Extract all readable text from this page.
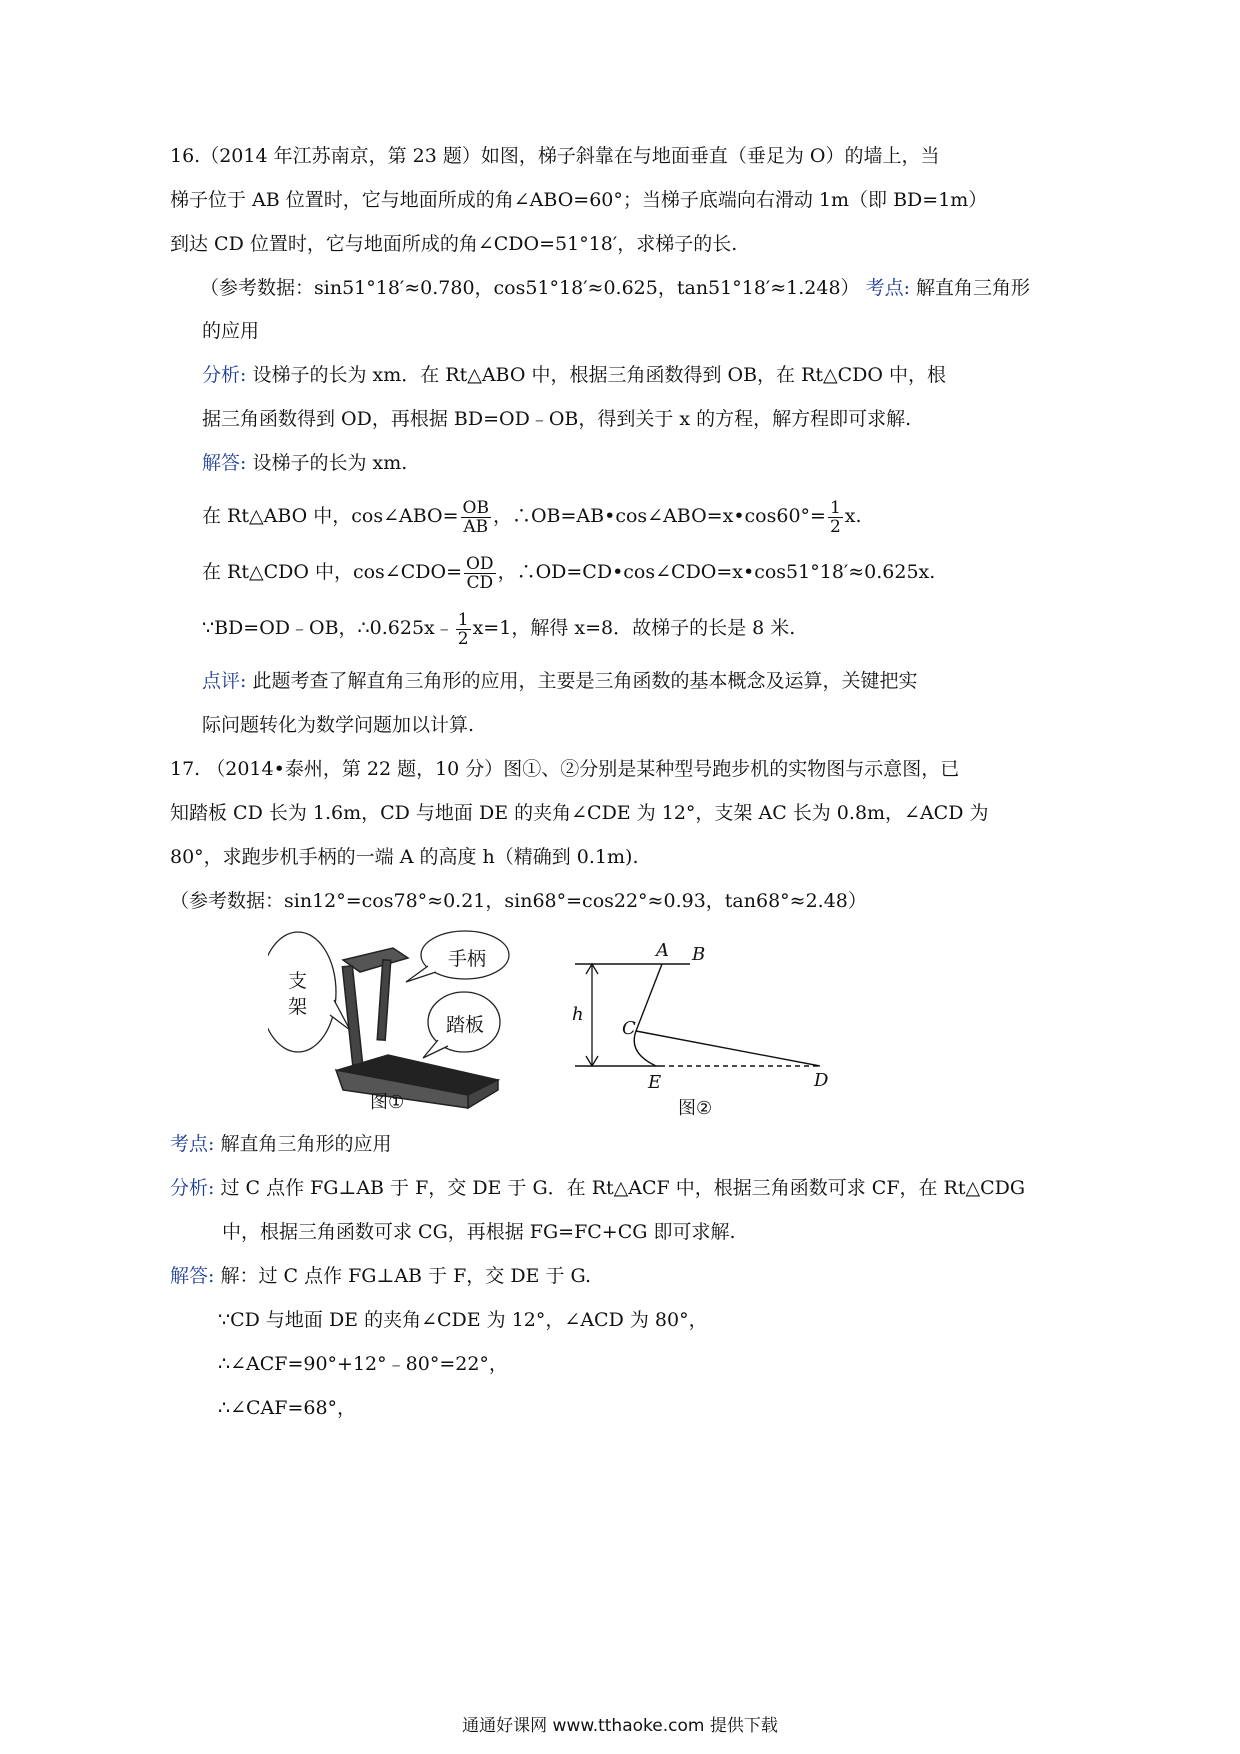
16.（2014 年江苏南京，第 23 题）如图，梯子斜靠在与地面垂直（垂足为 O）的墙上，当
梯子位于 AB 位置时，它与地面所成的角∠ABO=60°；当梯子底端向右滑动 1m（即 BD=1m）
到达 CD 位置时，它与地面所成的角∠CDO=51°18′，求梯子的长.
（参考数据：sin51°18′≈0.780，cos51°18′≈0.625，tan51°18′≈1.248） 考点: 解直角三角形
的应用
分析: 设梯子的长为 xm．在 Rt△ABO 中，根据三角函数得到 OB，在 Rt△CDO 中，根
据三角函数得到 OD，再根据 BD=OD﹣OB，得到关于 x 的方程，解方程即可求解.
解答: 设梯子的长为 xm.
在 Rt△ABO 中，cos∠ABO= $\frac{OB}{AB}$ ，∴OB=AB•cos∠ABO=x•cos60°= $\frac{1}{2} x$.
在 Rt△CDO 中，cos∠CDO= $\frac{OD}{CD}$ ，∴OD=CD•cos∠CDO=x•cos51°18′≈0.625x.
∵BD=OD﹣OB，∴0.625x﹣ $\frac{1}{2} x=1$，解得 x=8．故梯子的长是 8 米.
点评: 此题考查了解直角三角形的应用，主要是三角函数的基本概念及运算，关键把实
际问题转化为数学问题加以计算.
17. （2014•泰州，第 22 题，10 分）图①、②分别是某种型号跑步机的实物图与示意图，已
知踏板 CD 长为 1.6m，CD 与地面 DE 的夹角∠CDE 为 12°，支架 AC 长为 0.8m，∠ACD 为
80°，求跑步机手柄的一端 A 的高度 h（精确到 0.1m).
（参考数据：sin12°=cos78°≈0.21，sin68°=cos22°≈0.93，tan68°≈2.48）
手柄
支架
踏板
图①
A B
C
D
E
h
图②
考点: 解直角三角形的应用
分析: 过 C 点作 FG⊥AB 于 F，交 DE 于 G．在 Rt△ACF 中，根据三角函数可求 CF，在 Rt△CDG
中，根据三角函数可求 CG，再根据 FG=FC+CG 即可求解.
解答: 解：过 C 点作 FG⊥AB 于 F，交 DE 于 G.
∵CD 与地面 DE 的夹角∠CDE 为 12°，∠ACD 为 80°，
∴∠ACF=90°+12°﹣80°=22°，
∴∠CAF=68°，
通通好课网 www.tthaoke.com 提供下载
